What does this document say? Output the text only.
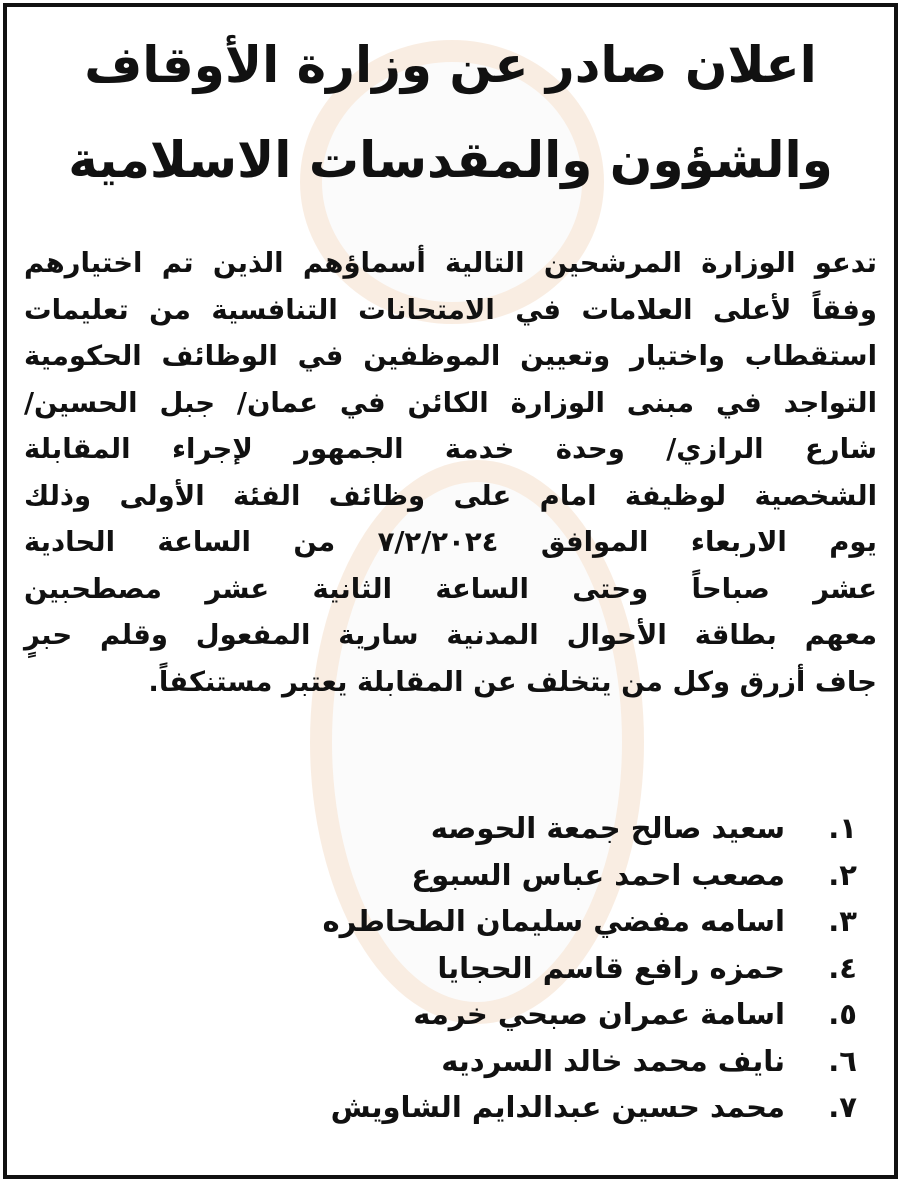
اعلان صادر عن وزارة الأوقاف
والشؤون والمقدسات الاسلامية
تدعو الوزارة المرشحين التالية أسماؤهم الذين تم اختيارهم
وفقاً لأعلى العلامات في الامتحانات التنافسية من تعليمات
استقطاب واختيار وتعيين الموظفين في الوظائف الحكومية
التواجد في مبنى الوزارة الكائن في عمان/ جبل الحسين/
شارع الرازي/ وحدة خدمة الجمهور لإجراء المقابلة
الشخصية لوظيفة امام على وظائف الفئة الأولى وذلك
يوم الاربعاء الموافق ٧/٢/٢٠٢٤ من الساعة الحادية
عشر صباحاً وحتى الساعة الثانية عشر مصطحبين
معهم بطاقة الأحوال المدنية سارية المفعول وقلم حبرٍ
جاف أزرق وكل من يتخلف عن المقابلة يعتبر مستنكفاً.
١.
سعيد صالح جمعة الحوصه
٢.
مصعب احمد عباس السبوع
٣.
اسامه مفضي سليمان الطحاطره
٤.
حمزه رافع قاسم الحجايا
٥.
اسامة عمران صبحي خرمه
٦.
نايف محمد خالد السرديه
٧.
محمد حسين عبدالدايم الشاويش
